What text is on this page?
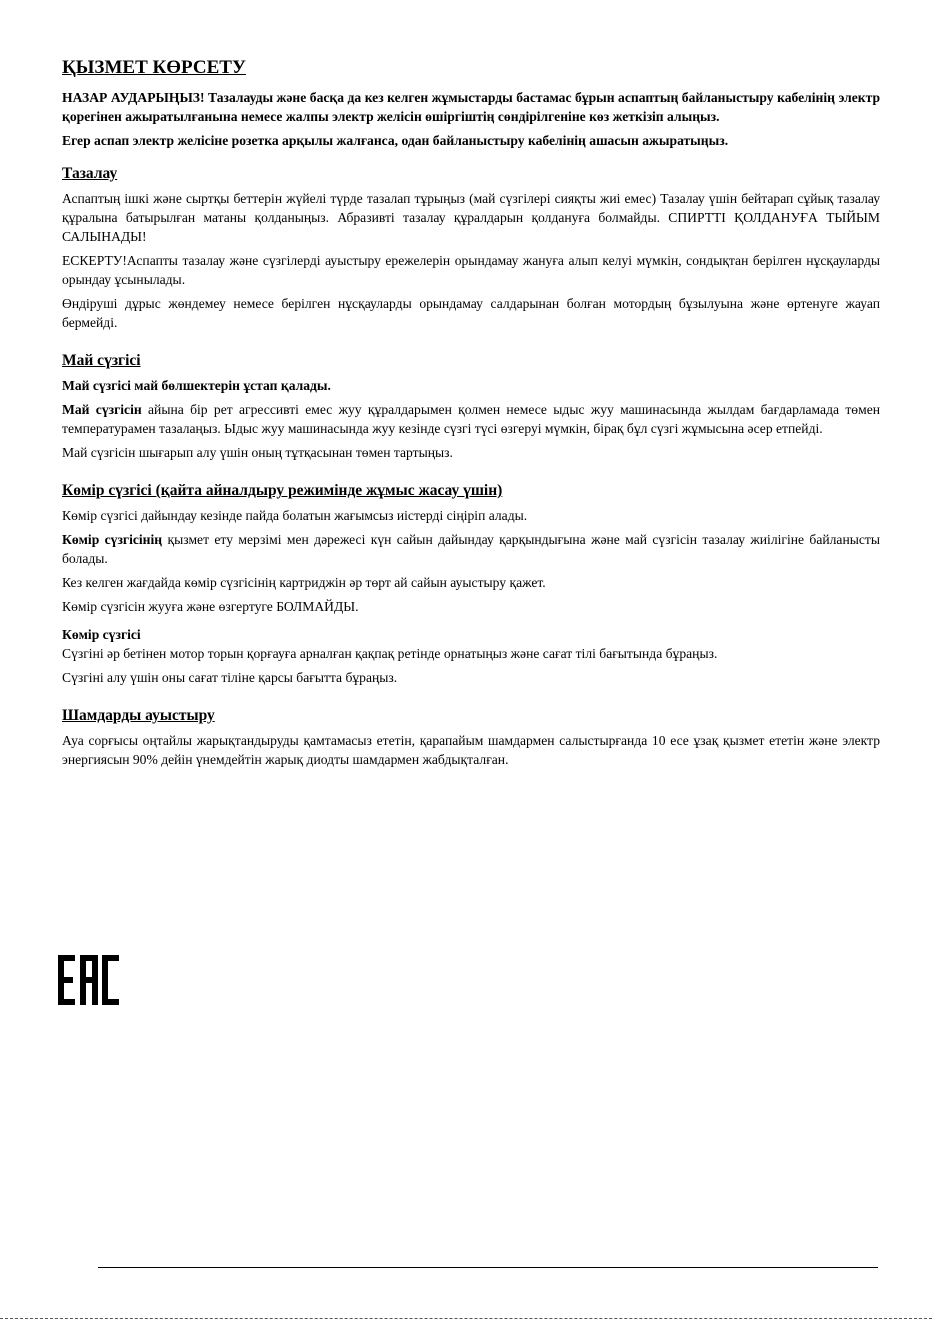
ҚЫЗМЕТ КӨРСЕТУ

НАЗАР АУДАРЫҢЫЗ! Тазалауды және басқа да кез келген жұмыстарды бастамас бұрын аспаптың байланыстыру кабелінің электр қорегінен ажыратылғанына немесе жалпы электр желісін өшіргіштің сөндірілгеніне көз жеткізіп алыңыз.

Егер аспап электр желісіне розетка арқылы жалғанса, одан байланыстыру кабелінің ашасын ажыратыңыз.

Тазалау

Аспаптың ішкі және сыртқы беттерін жүйелі түрде тазалап тұрыңыз (май сүзгілері сияқты жиі емес) Тазалау үшін бейтарап сұйық тазалау құралына батырылған матаны қолданыңыз. Абразивті тазалау құралдарын қолдануға болмайды. СПИРТТІ ҚОЛДАНУҒА ТЫЙЫМ САЛЫНАДЫ!

ЕСКЕРТУ!Аспапты тазалау және сүзгілерді ауыстыру ережелерін орындамау жануға алып келуі мүмкін, сондықтан берілген нұсқауларды орындау ұсынылады.

Өндіруші дұрыс жөндемеу немесе берілген нұсқауларды орындамау салдарынан болған мотордың бұзылуына және өртенуге жауап бермейді.

Май сүзгісі

Май сүзгісі май бөлшектерін ұстап қалады.

Май сүзгісін айына бір рет агрессивті емес жуу құралдарымен қолмен немесе ыдыс жуу машинасында жылдам бағдарламада төмен температурамен тазалаңыз. Ыдыс жуу машинасында жуу кезінде сүзгі түсі өзгеруі мүмкін, бірақ бұл сүзгі жұмысына әсер етпейді.

Май сүзгісін шығарып алу үшін оның тұтқасынан төмен тартыңыз.

Көмір сүзгісі (қайта айналдыру режимінде жұмыс жасау үшін)

Көмір сүзгісі дайындау кезінде пайда болатын жағымсыз иістерді сіңіріп алады.

Көмір сүзгісінің қызмет ету мерзімі мен дәрежесі күн сайын дайындау қарқындығына және май сүзгісін тазалау жиілігіне байланысты болады.

Кез келген жағдайда көмір сүзгісінің картриджін әр төрт ай сайын ауыстыру қажет.

Көмір сүзгісін жууға және өзгертуге БОЛМАЙДЫ.

Көмір сүзгісі

Сүзгіні әр бетінен мотор торын қорғауға арналған қақпақ ретінде орнатыңыз және сағат тілі бағытында бұраңыз.

Сүзгіні алу үшін оны сағат тіліне қарсы бағытта бұраңыз.

Шамдарды ауыстыру

Ауа сорғысы оңтайлы жарықтандыруды қамтамасыз ететін, қарапайым шамдармен салыстырғанда 10 есе ұзақ қызмет ететін және электр энергиясын 90% дейін үнемдейтін жарық диодты шамдармен жабдықталған.
